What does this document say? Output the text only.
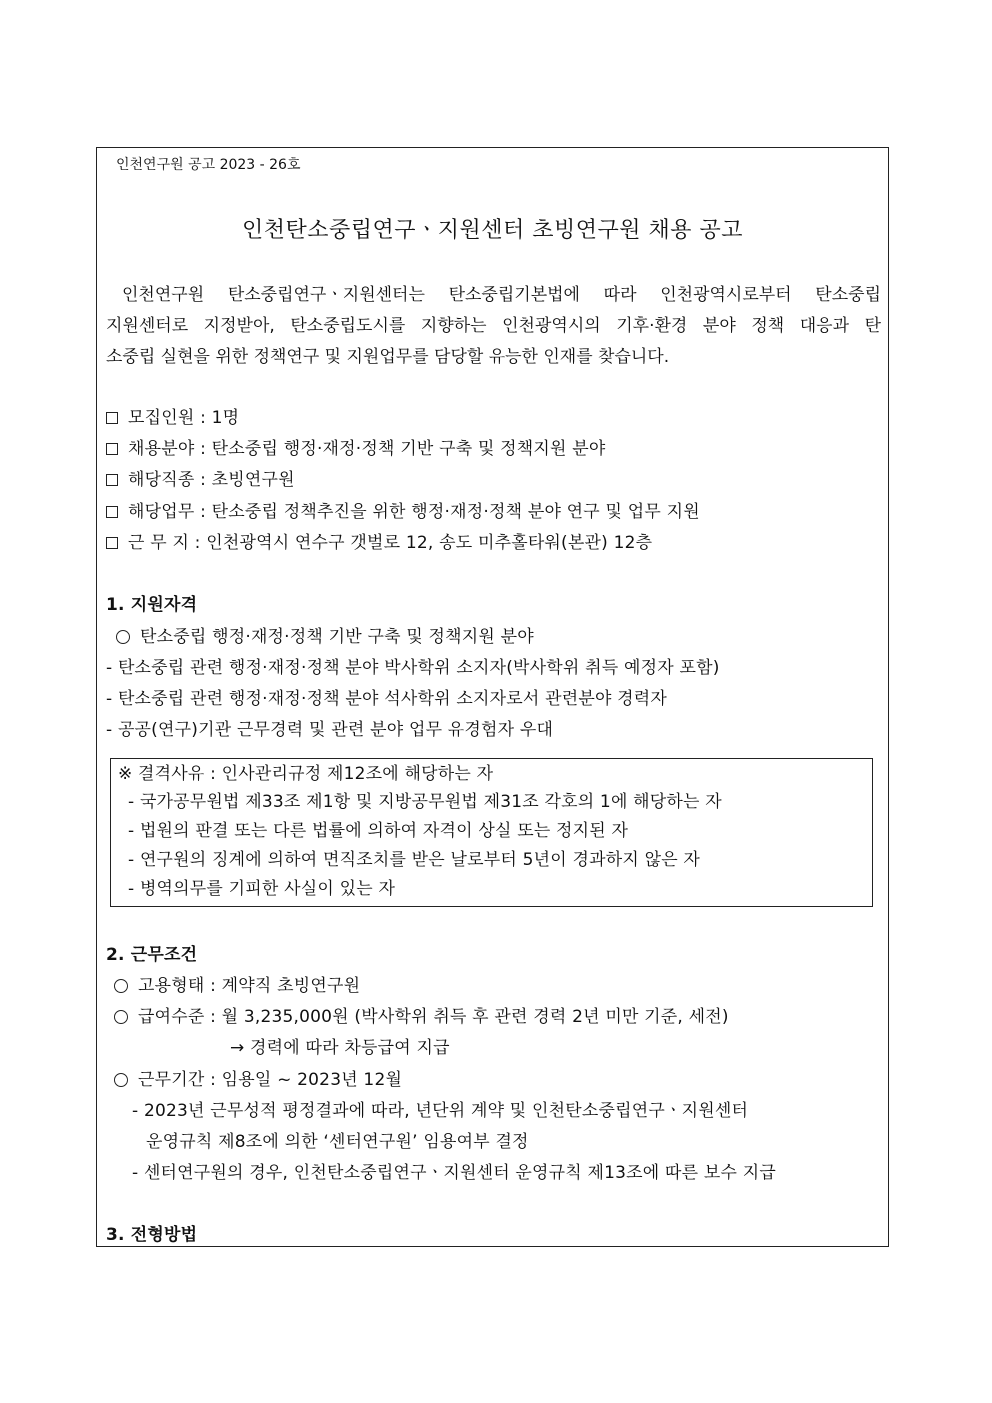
인천연구원 공고 2023 - 26호
인천탄소중립연구ㆍ지원센터 초빙연구원 채용 공고
인천연구원 탄소중립연구ㆍ지원센터는 탄소중립기본법에 따라 인천광역시로부터 탄소중립
지원센터로 지정받아, 탄소중립도시를 지향하는 인천광역시의 기후·환경 분야 정책 대응과 탄
소중립 실현을 위한 정책연구 및 지원업무를 담당할 유능한 인재를 찾습니다.
모집인원 : 1명
채용분야 : 탄소중립 행정·재정·정책 기반 구축 및 정책지원 분야
해당직종 : 초빙연구원
해당업무 : 탄소중립 정책추진을 위한 행정·재정·정책 분야 연구 및 업무 지원
근 무 지 : 인천광역시 연수구 갯벌로 12, 송도 미추홀타워(본관) 12층
1. 지원자격
탄소중립 행정·재정·정책 기반 구축 및 정책지원 분야
- 탄소중립 관련 행정·재정·정책 분야 박사학위 소지자(박사학위 취득 예정자 포함)
- 탄소중립 관련 행정·재정·정책 분야 석사학위 소지자로서 관련분야 경력자
- 공공(연구)기관 근무경력 및 관련 분야 업무 유경험자 우대
※ 결격사유 : 인사관리규정 제12조에 해당하는 자
- 국가공무원법 제33조 제1항 및 지방공무원법 제31조 각호의 1에 해당하는 자
- 법원의 판결 또는 다른 법률에 의하여 자격이 상실 또는 정지된 자
- 연구원의 징계에 의하여 면직조치를 받은 날로부터 5년이 경과하지 않은 자
- 병역의무를 기피한 사실이 있는 자
2. 근무조건
고용형태 : 계약직 초빙연구원
급여수준 : 월 3,235,000원 (박사학위 취득 후 관련 경력 2년 미만 기준, 세전)
→ 경력에 따라 차등급여 지급
근무기간 : 임용일 ~ 2023년 12월
- 2023년 근무성적 평정결과에 따라, 년단위 계약 및 인천탄소중립연구ㆍ지원센터
운영규칙 제8조에 의한 ‘센터연구원’ 임용여부 결정
- 센터연구원의 경우, 인천탄소중립연구ㆍ지원센터 운영규칙 제13조에 따른 보수 지급
3. 전형방법
